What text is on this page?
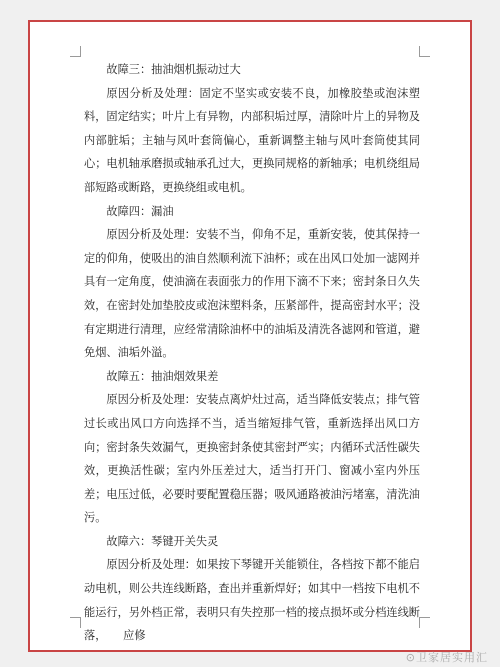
故障三：抽油烟机振动过大

原因分析及处理：固定不坚实或安装不良，加橡胶垫或泡沫塑料，固定结实；叶片上有异物，内部积垢过厚，清除叶片上的异物及内部脏垢；主轴与风叶套筒偏心，重新调整主轴与风叶套筒使其同心；电机轴承磨损或轴承孔过大，更换同规格的新轴承；电机绕组局部短路或断路，更换绕组或电机。

故障四：漏油

原因分析及处理：安装不当，仰角不足，重新安装，使其保持一定的仰角，使吸出的油自然顺利流下油杯；或在出风口处加一滤网并具有一定角度，使油滴在表面张力的作用下滴不下来；密封条日久失效，在密封处加垫胶皮或泡沫塑料条，压紧部件，提高密封水平；没有定期进行清理，应经常清除油杯中的油垢及清洗各滤网和管道，避免烟、油垢外溢。

故障五：抽油烟效果差

原因分析及处理：安装点离炉灶过高，适当降低安装点；排气管过长或出风口方向选择不当，适当缩短排气管，重新选择出风口方向；密封条失效漏气，更换密封条使其密封严实；内循环式活性碳失效，更换活性碳；室内外压差过大，适当打开门、窗减小室内外压差；电压过低，必要时要配置稳压器；吸风通路被油污堵塞，清洗油污。

故障六：琴键开关失灵

原因分析及处理：如果按下琴键开关能锁住，各档按下都不能启动电机，则公共连线断路，查出并重新焊好；如其中一档按下电机不能运行，另外档正常，表明只有失控那一档的接点损坏或分档连线断落，　　应修

⊙卫家居实用汇
